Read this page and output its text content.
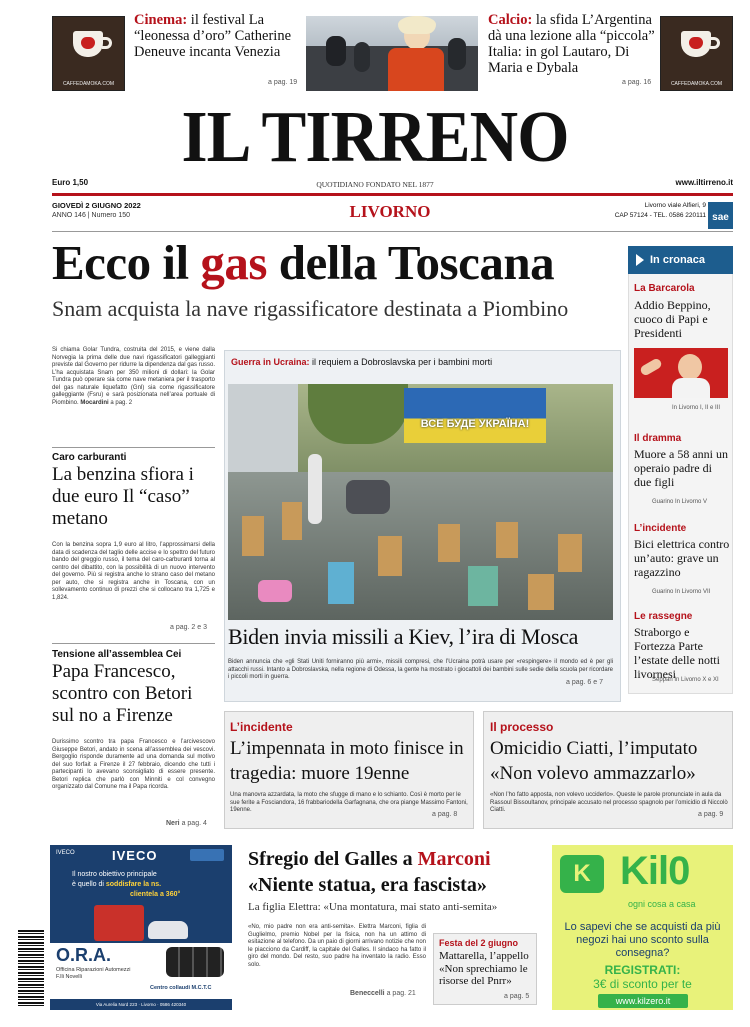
CAFFEDAMOKA.COM
Cinema: il festival La “leonessa d’oro” Catherine Deneuve incanta Venezia
a pag. 19
Calcio: la sfida L’Argentina dà una lezione alla “piccola” Italia: in gol Lautaro, Di Maria e Dybala
a pag. 16	CAFFEDAMOKA.COM
IL TIRRENO
Euro 1,50	QUOTIDIANO FONDATO NEL 1877	www.iltirreno.it
GIOVEDÌ 2 GIUGNO 2022
ANNO 146 | Numero 150	LIVORNO	Livorno viale Alfieri, 9
CAP 57124 - TEL. 0586 220111 sae
Ecco il gas della Toscana
Snam acquista la nave rigassificatore destinata a Piombino
Si chiama Golar Tundra, costruita del 2015, e viene dalla Norvegia la prima delle due navi rigassificatori galleggianti previste dal Governo per ridurre la dipendenza dal gas russo. L’ha acquistata Snam per 350 milioni di dollari: la Golar Tundra può operare sia come nave metaniera per il trasporto del gas naturale liquefatto (Gnl) sia come rigassificatore galleggiante (Fsru) e sarà posizionata nell’area portuale di Piombino. Mocardini a pag. 2
Caro carburanti
La benzina sfiora i due euro Il “caso” metano
Con la benzina sopra 1,9 euro al litro, l’approssimarsi della data di scadenza del taglio delle accise e lo spettro del futuro bando del greggio russo, il tema del caro-carburanti torna al centro del dibattito, con la possibilità di un nuovo intervento del governo. Più si registra anche lo strano caso del metano per auto, che si registra anche in Toscana, con un sollevamento continuo di prezzi che si collocano tra 1,725 e 1,824.
a pag. 2 e 3
Tensione all’assemblea Cei
Papa Francesco, scontro con Betori sul no a Firenze
Durissimo scontro tra papa Francesco e l’arcivescovo Giuseppe Betori, andato in scena all’assemblea dei vescovi. Bergoglio risponde duramente ad una domanda sul motivo del suo forfait a Firenze il 27 febbraio, dicendo che tutti i partecipanti lo avevano sconsigliato di essere presente. Betori replica che parlò con Minniti e col convegno organizzato dal Comune ma il Papa ricorda.
Neri a pag. 4
Guerra in Ucraina: il requiem a Dobroslavska per i bambini morti
ВСЕ БУДЕ УКРАЇНА!
Biden invia missili a Kiev, l’ira di Mosca
Biden annuncia che «gli Stati Uniti forniranno più armi», missili compresi, che l’Ucraina potrà usare per «respingere» il mondo ed è per gli attacchi russi. Intanto a Dobroslavska, nella regione di Odessa, la gente ha mostrato i giocattoli dei bambini sulle sedie della scuola per ricordare i piccoli morti in guerra.
a pag. 6 e 7
In cronaca
La Barcarola
Addio Beppino, cuoco di Papi e Presidenti
In Livorno I, II e III
Il dramma
Muore a 58 anni un operaio padre di due figli
Guarino In Livorno V
L’incidente
Bici elettrica contro un’auto: grave un ragazzino
Guarino In Livorno VII
Le rassegne
Straborgo e Fortezza Parte l’estate delle notti livornesi
Seppan In Livorno X e XI
L’incidente
L’impennata in moto finisce in tragedia: muore 19enne
Una manovra azzardata, la moto che sfugge di mano e lo schianto. Così è morto per le sue ferite a Fosciandora, 16 frabbariodella Garfagnana, che ora piange Massimo Fantoni, 19enne.
a pag. 8
Il processo
Omicidio Ciatti, l’imputato «Non volevo ammazzarlo»
«Non l’ho fatto apposta, non volevo ucciderlo». Queste le parole pronunciate in aula da Rassoul Bissoultanov, principale accusato nel processo spagnolo per l’omicidio di Niccolò Ciatti.
a pag. 9
IVECO	IVECO
Il nostro obiettivo principale
è quello di soddisfare la ns.
clientela a 360°
O.R.A.
Officina Riparazioni Automezzi
F.lli Novelli
Centro collaudi M.C.T.C
Via Aurelia Nord 223 · Livorno · 0586 420340
Sfregio del Galles a Marconi
«Niente statua, era fascista»
La figlia Elettra: «Una montatura, mai stato anti-semita»
«No, mio padre non era anti-semita». Elettra Marconi, figlia di Guglielmo, premio Nobel per la fisica, non ha un attimo di esitazione al telefono. Da un paio di giorni arrivano notizie che non le piacciono da Cardiff, la capitale del Galles. Il sindaco ha fatto il giro del mondo. Del resto, suo padre ha inventato la radio. Esso solo.
Beneccelli a pag. 21
Festa del 2 giugno
Mattarella, l’appello «Non sprechiamo le risorse del Pnrr»
a pag. 5
K Kil0
ogni cosa a casa
Lo sapevi che se acquisti da più negozi hai uno sconto sulla consegna?
REGISTRATI:
3€ di sconto per te
www.kilzero.it
